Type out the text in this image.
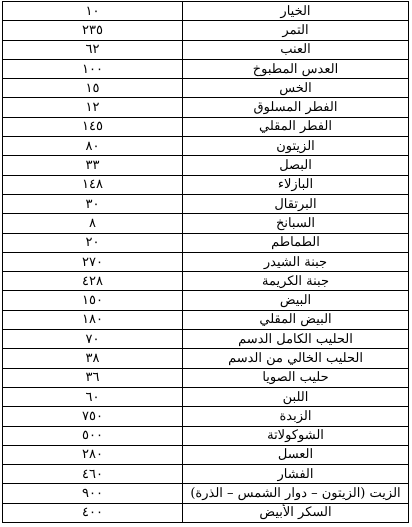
١٠	الخيار
٢٣٥	التمر
٦٢	العنب
١٠٠	العدس المطبوخ
١٥	الخس
١٢	الفطر المسلوق
١٤٥	الفطر المقلي
٨٠	الزيتون
٣٣	البصل
١٤٨	البازلاء
٣٠	البرتقال
٨	السبانخ
٢٠	الطماطم
٢٧٠	جبنة الشيدر
٤٢٨	جبنة الكريمة
١٥٠	البيض
١٨٠	البيض المقلي
٧٠	الحليب الكامل الدسم
٣٨	الحليب الخالي من الدسم
٣٦	حليب الصويا
٦٠	اللبن
٧٥٠	الزبدة
٥٠٠	الشوكولاتة
٢٨٠	العسل
٤٦٠	الفشار
٩٠٠	الزيت (الزيتون – دوار الشمس – الذرة)
٤٠٠	السكر الأبيض
